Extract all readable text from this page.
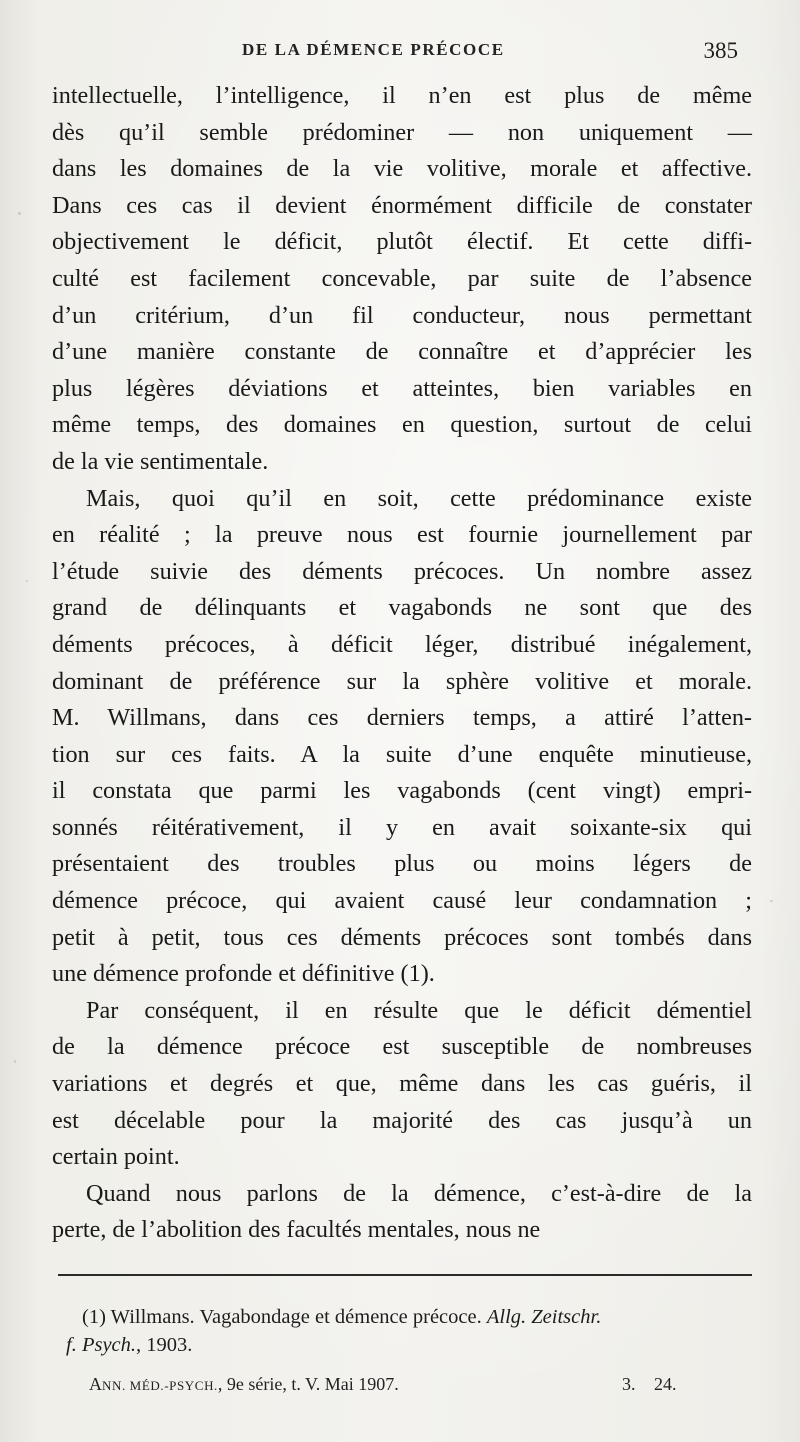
DE LA DÉMENCE PRÉCOCE	385
intellectuelle, l’intelligence, il n’en est plus de même
dès qu’il semble prédominer — non uniquement —
dans les domaines de la vie volitive, morale et affective.
Dans ces cas il devient énormément difficile de constater
objectivement le déficit, plutôt électif. Et cette diffi-
culté est facilement concevable, par suite de l’absence
d’un critérium, d’un fil conducteur, nous permettant
d’une manière constante de connaître et d’apprécier les
plus légères déviations et atteintes, bien variables en
même temps, des domaines en question, surtout de celui
de la vie sentimentale.
Mais, quoi qu’il en soit, cette prédominance existe
en réalité ; la preuve nous est fournie journellement par
l’étude suivie des déments précoces. Un nombre assez
grand de délinquants et vagabonds ne sont que des
déments précoces, à déficit léger, distribué inégalement,
dominant de préférence sur la sphère volitive et morale.
M. Willmans, dans ces derniers temps, a attiré l’atten-
tion sur ces faits. A la suite d’une enquête minutieuse,
il constata que parmi les vagabonds (cent vingt) empri-
sonnés réitérativement, il y en avait soixante-six qui
présentaient des troubles plus ou moins légers de
démence précoce, qui avaient causé leur condamnation ;
petit à petit, tous ces déments précoces sont tombés dans
une démence profonde et définitive (1).
Par conséquent, il en résulte que le déficit démentiel
de la démence précoce est susceptible de nombreuses
variations et degrés et que, même dans les cas guéris, il
est décelable pour la majorité des cas jusqu’à un
certain point.
Quand nous parlons de la démence, c’est-à-dire de la
perte, de l’abolition des facultés mentales, nous ne
(1) Willmans. Vagabondage et démence précoce. Allg. Zeitschr.
f. Psych., 1903.
ANN. MÉD.-PSYCH., 9e série, t. V. Mai 1907.	3. 24.
